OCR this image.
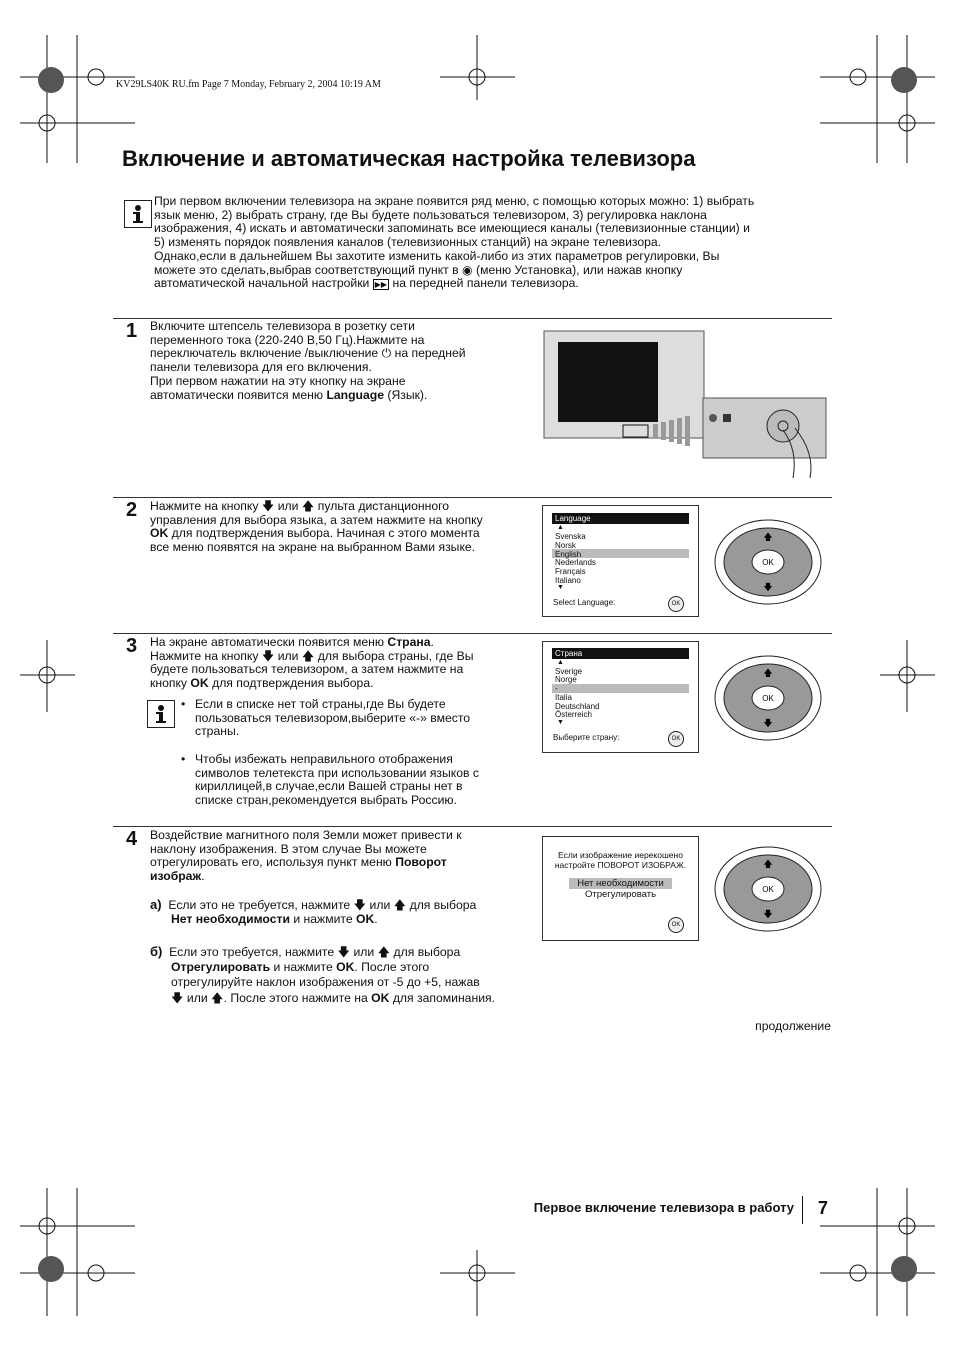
KV29LS40K RU.fm Page 7 Monday, February 2, 2004 10:19 AM
Включение и автоматическая настройка телевизора
При первом включении телевизора на экране появится ряд меню, с помощью которых можно: 1) выбрать
язык меню, 2) выбрать страну, где Вы будете пользоваться телевизором, 3) регулировка наклона
изображения, 4) искать и автоматически запоминать все имеющиеся каналы (телевизионные станции) и
5) изменять порядок появления каналов (телевизионных станций) на экране телевизора.
Однако,если в дальнейшем Вы захотите изменить какой-либо из этих параметров регулировки, Вы
можете это сделать,выбрав соответствующий пункт в ◉ (меню Установка), или нажав кнопку
автоматической начальной настройки ▶▶ на передней панели телевизора.
1 Включите штепсель телевизора в розетку сети
переменного тока (220-240 В,50 Гц).Нажмите на
переключатель включение /выключение ⏻ на передней
панели телевизора для его включения.
При первом нажатии на эту кнопку на экране
автоматически появится меню Language (Язык).
2 Нажмите на кнопку 🡇 или 🡅 пульта дистанционного
управления для выбора языка, а затем нажмите на кнопку
OK для подтверждения выбора. Начиная с этого момента
все меню появятся на экране на выбранном Вами языке.
Language
▲
Svenska
Norsk
English
Nederlands
Français
Italiano
▼
Select Language:	OK
OK
🡅
🡇
3 На экране автоматически появится меню Страна.
Нажмите на кнопку 🡇 или 🡅 для выбора страны, где Вы
будете пользоваться телевизором, а затем нажмите на
кнопку OK для подтверждения выбора.
• Если в списке нет той страны,где Вы будете
пользоваться телевизором,выберите «-» вместо
страны.
• Чтобы избежать неправильного отображения
символов телетекста при использовании языков с
кириллицей,в случае,если Вашей страны нет в
списке стран,рекомендуется выбрать Россию.
Страна
▲
Sverige
Norge
-
Italia
Deutschland
Österreich
▼
Выберите страну:	OK
OK
🡅
🡇
4 Воздействие магнитного поля Земли может привести к
наклону изображения. В этом случае Вы можете
отрегулировать его, используя пункт меню Поворот
изображ.
а) Если это не требуется, нажмите 🡇 или 🡅 для выбора
Нет необходимости и нажмите OK.
б) Если это требуется, нажмите 🡇 или 🡅 для выбора
Отрегулировать и нажмите OK. После этого
отрегулируйте наклон изображения от -5 до +5, нажав
🡇 или 🡅. После этого нажмите на OK для запоминания.
Если изображение иерекошено
настройте ПОВОРОТ ИЗОБРАЖ.
Нет необходимости
Отрегулировать
OK
OK
🡅
🡇
продолжение
Первое включение телевизора в работу 7
